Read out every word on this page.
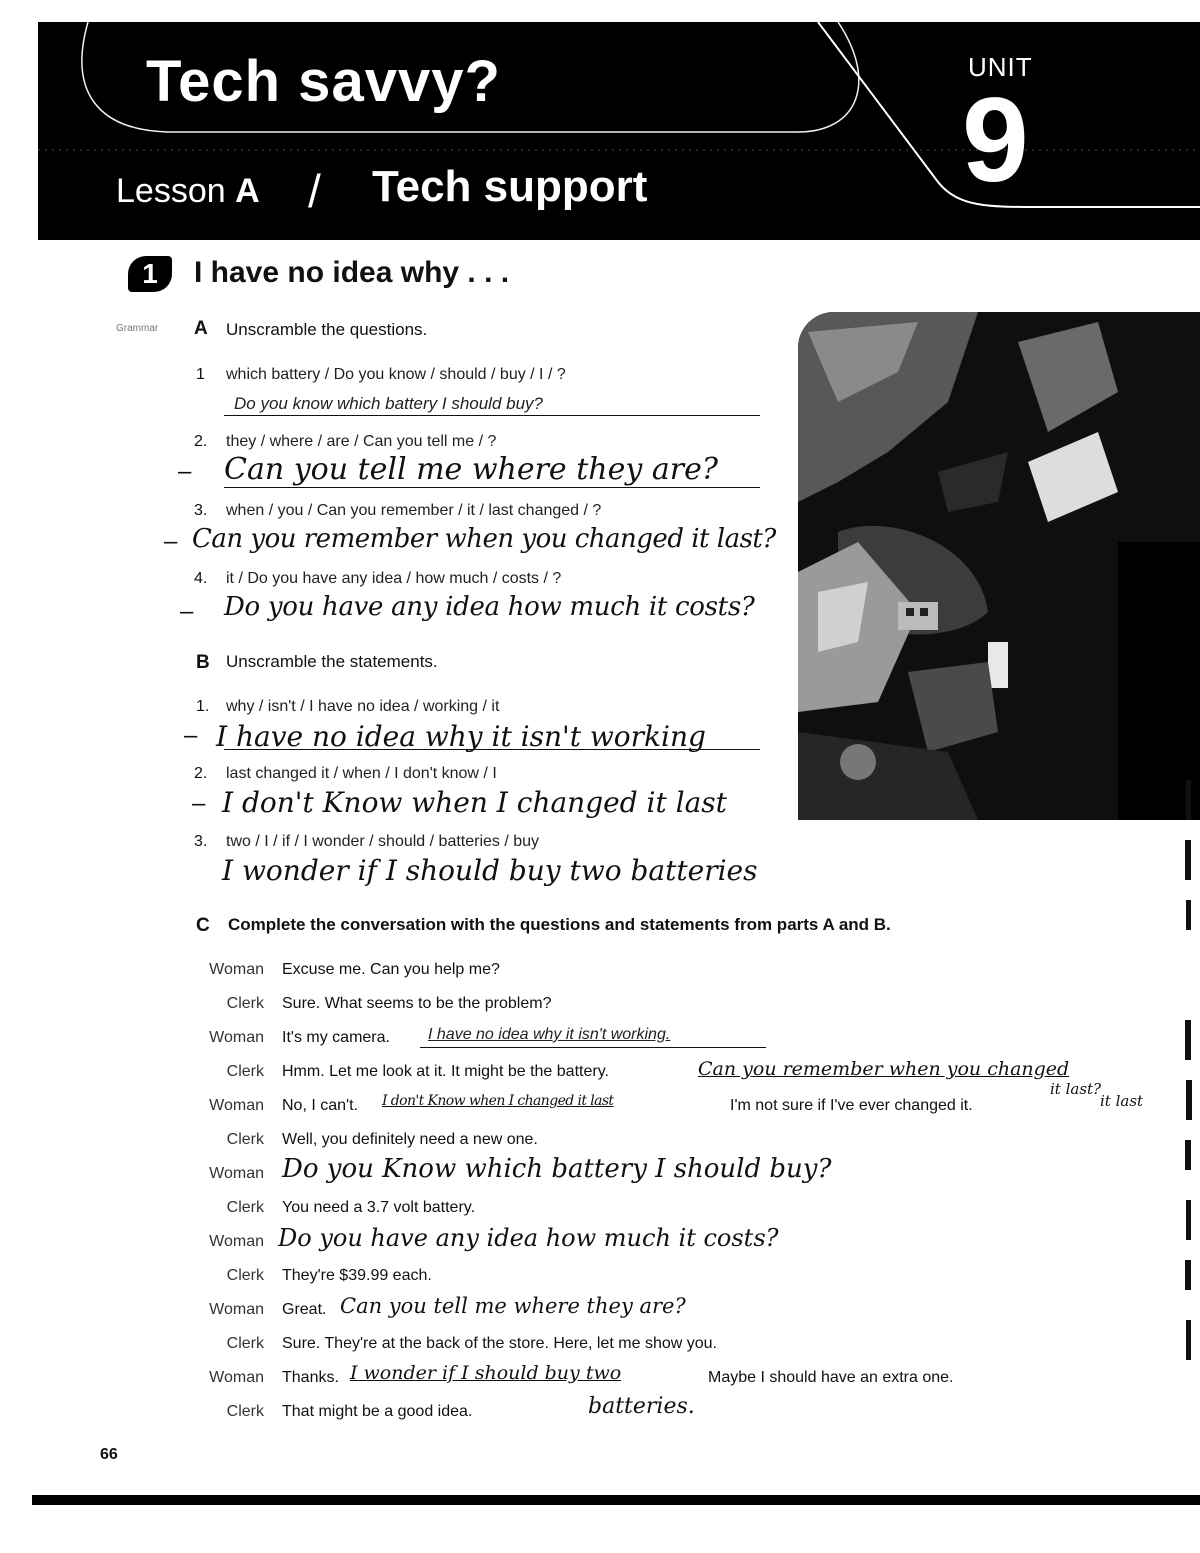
Tech savvy?	UNIT
9
Lesson A / Tech support
1	I have no idea why . . .
Grammar A Unscramble the questions.
1 which battery / Do you know / should / buy / I / ?
Do you know which battery I should buy?
2. they / where / are / Can you tell me / ?
– Can you tell me where they are?
3. when / you / Can you remember / it / last changed / ?
– Can you remember when you changed it last?
4. it / Do you have any idea / how much / costs / ?
– Do you have any idea how much it costs?
B Unscramble the statements.
1. why / isn't / I have no idea / working / it
– I have no idea why it isn't working
2. last changed it / when / I don't know / I
– I don't Know when I changed it last
3. two / I / if / I wonder / should / batteries / buy
I wonder if I should buy two batteries
C Complete the conversation with the questions and statements from parts A and B.
Woman Excuse me. Can you help me?
Clerk Sure. What seems to be the problem?
Woman It's my camera. I have no idea why it isn't working.
Clerk Hmm. Let me look at it. It might be the battery.	Can you remember when you changed
Woman No, I can't. I don't Know when I changed it last	I'm not sure if I've ever changed it.
it last?
Clerk Well, you definitely need a new one.
Woman Do you Know which battery I should buy?
Clerk You need a 3.7 volt battery.
Woman Do you have any idea how much it costs?
Clerk They're $39.99 each.
Woman Great. Can you tell me where they are?
Clerk Sure. They're at the back of the store. Here, let me show you.
Woman Thanks. I wonder if I should buy two	Maybe I should have an extra one.
Clerk That might be a good idea.	batteries.
it last
66
